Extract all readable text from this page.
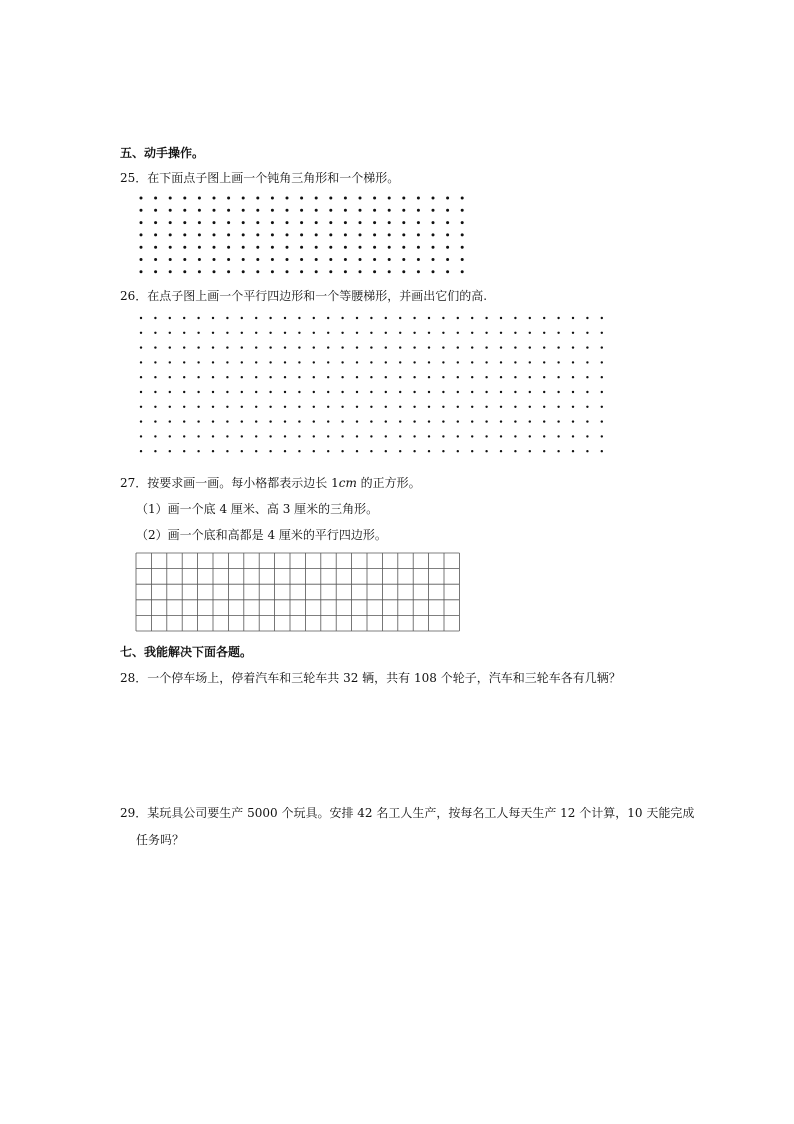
五、动手操作。

25．在下面点子图上画一个钝角三角形和一个梯形。

26．在点子图上画一个平行四边形和一个等腰梯形，并画出它们的高.

27．按要求画一画。每小格都表示边长 1cm 的正方形。

（1）画一个底 4 厘米、高 3 厘米的三角形。

（2）画一个底和高都是 4 厘米的平行四边形。

七、我能解决下面各题。

28．一个停车场上，停着汽车和三轮车共 32 辆，共有 108 个轮子，汽车和三轮车各有几辆？

29．某玩具公司要生产 5000 个玩具。安排 42 名工人生产，按每名工人每天生产 12 个计算，10 天能完成

任务吗？
